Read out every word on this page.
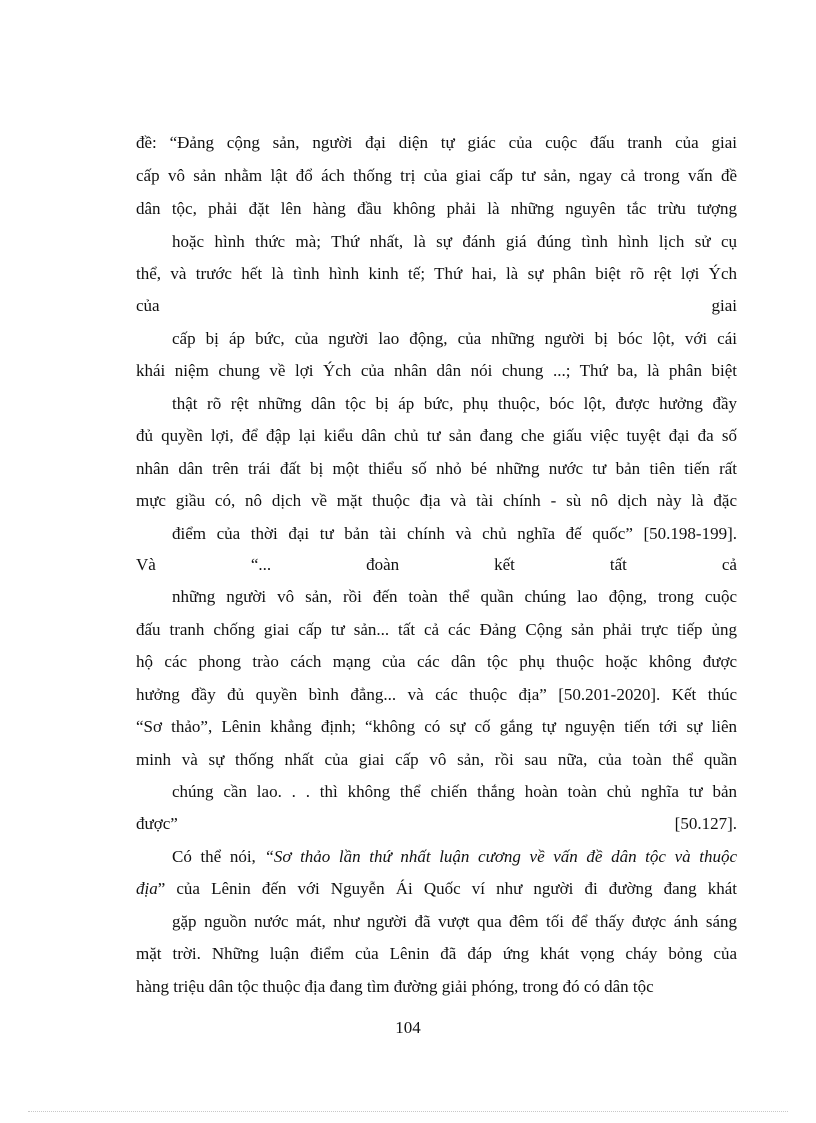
đề: “Đảng cộng sản, người đại diện tự giác của cuộc đấu tranh của giai
cấp vô sản nhằm lật đổ ách thống trị của giai cấp tư sản, ngay cả trong vấn đề
dân tộc, phải đặt lên hàng đầu không phải là những nguyên tắc trừu tượng
hoặc hình thức mà; Thứ nhất, là sự đánh giá đúng tình hình lịch sử cụ
thể, và trước hết là tình hình kinh tế; Thứ hai, là sự phân biệt rõ rệt lợi Ých
của	giai
cấp bị áp bức, của người lao động, của những người bị bóc lột, với cái
khái niệm chung về lợi Ých của nhân dân nói chung ...; Thứ ba, là phân biệt
thật rõ rệt những dân tộc bị áp bức, phụ thuộc, bóc lột, được hưởng đầy
đủ quyền lợi, để đập lại kiểu dân chủ tư sản đang che giấu việc tuyệt đại đa số
nhân dân trên trái đất bị một thiểu số nhỏ bé những nước tư bản tiên tiến rất
mực giầu có, nô dịch về mặt thuộc địa và tài chính - sù nô dịch này là đặc
điểm của thời đại tư bản tài chính và chủ nghĩa đế quốc” [50.198-199].
Và	“...	đoàn	kết	tất	cả
những người vô sản, rồi đến toàn thể quần chúng lao động, trong cuộc
đấu tranh chống giai cấp tư sản... tất cả các Đảng Cộng sản phải trực tiếp ủng
hộ các phong trào cách mạng của các dân tộc phụ thuộc hoặc không được
hưởng đầy đủ quyền bình đẳng... và các thuộc địa” [50.201-2020]. Kết thúc
“Sơ thảo”, Lênin khẳng định; “không có sự cố gắng tự nguyện tiến tới sự liên
minh và sự thống nhất của giai cấp vô sản, rồi sau nữa, của toàn thể quần
chúng cần lao. . . thì không thể chiến thắng hoàn toàn chủ nghĩa tư bản
được”	[50.127].
Có thể nói, “Sơ thảo lần thứ nhất luận cương về vấn đề dân tộc và thuộc
địa” của Lênin đến với Nguyễn Ái Quốc ví như người đi đường đang khát
gặp nguồn nước mát, như người đã vượt qua đêm tối để thấy được ánh sáng
mặt trời. Những luận điểm của Lênin đã đáp ứng khát vọng cháy bỏng của
hàng triệu dân tộc thuộc địa đang tìm đường giải phóng, trong đó có dân tộc
104
